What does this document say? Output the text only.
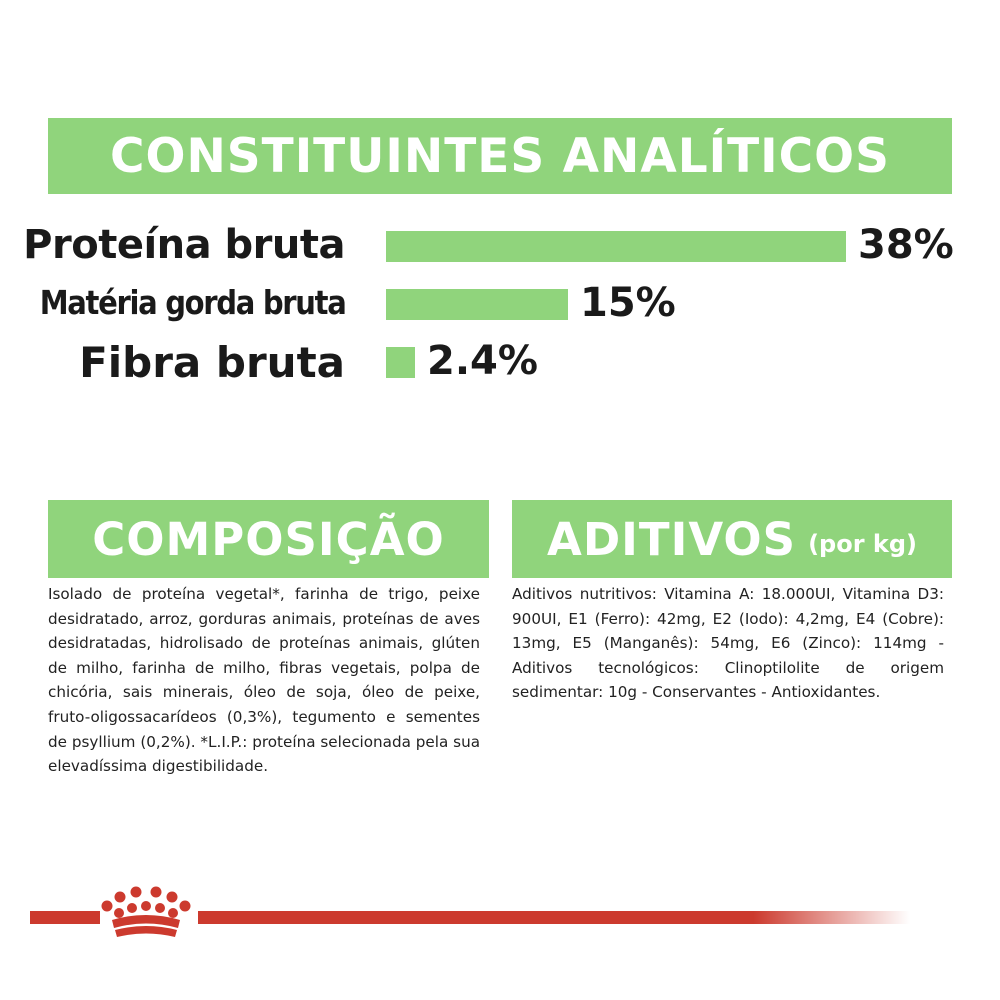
CONSTITUINTES ANALÍTICOS
Proteína bruta	38%
Matéria gorda bruta	15%
Fibra bruta 2.4%
COMPOSIÇÃO

Isolado de proteína vegetal*, farinha de trigo, peixe desidratado, arroz, gorduras animais, proteínas de aves desidratadas, hidrolisado de proteínas animais, glúten de milho, farinha de milho, fibras vegetais, polpa de chicória, sais minerais, óleo de soja, óleo de peixe, fruto-oligossacarídeos (0,3%), tegumento e sementes de psyllium (0,2%). *L.I.P.: proteína selecionada pela sua elevadíssima digestibilidade.

ADITIVOS (por kg)

Aditivos nutritivos: Vitamina A: 18.000UI, Vitamina D3: 900UI, E1 (Ferro): 42mg, E2 (Iodo): 4,2mg, E4 (Cobre): 13mg, E5 (Manganês): 54mg, E6 (Zinco): 114mg - Aditivos tecnológicos: Clinoptilolite de origem sedimentar: 10g - Conservantes - Antioxidantes.
